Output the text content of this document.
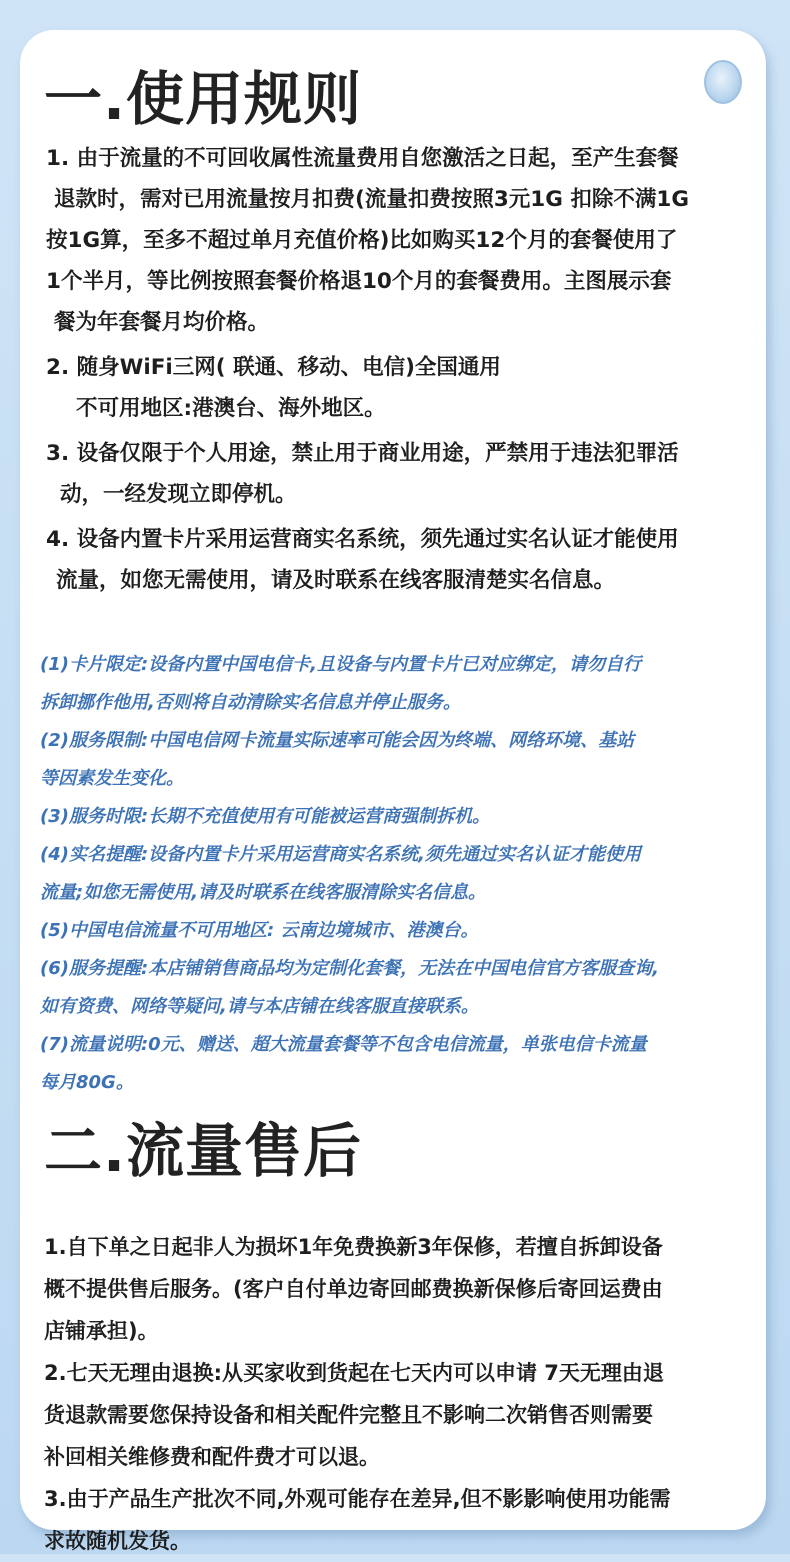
一.使用规则
1. 由于流量的不可回收属性流量费用自您激活之日起，至产生套餐
退款时，需对已用流量按月扣费(流量扣费按照3元1G 扣除不满1G
按1G算，至多不超过单月充值价格)比如购买12个月的套餐使用了
1个半月，等比例按照套餐价格退10个月的套餐费用。主图展示套
餐为年套餐月均价格。
2. 随身WiFi三网( 联通、移动、电信)全国通用
不可用地区:港澳台、海外地区。
3. 设备仅限于个人用途，禁止用于商业用途，严禁用于违法犯罪活
动，一经发现立即停机。
4. 设备内置卡片采用运营商实名系统，须先通过实名认证才能使用
流量，如您无需使用，请及时联系在线客服清楚实名信息。
(1)卡片限定:设备内置中国电信卡,且设备与内置卡片已对应绑定，请勿自行
拆卸挪作他用,否则将自动清除实名信息并停止服务。
(2)服务限制:中国电信网卡流量实际速率可能会因为终端、网络环境、基站
等因素发生变化。
(3)服务时限:长期不充值使用有可能被运营商强制拆机。
(4)实名提醒:设备内置卡片采用运营商实名系统,须先通过实名认证才能使用
流量;如您无需使用,请及时联系在线客服清除实名信息。
(5)中国电信流量不可用地区: 云南边境城市、港澳台。
(6)服务提醒:本店铺销售商品均为定制化套餐，无法在中国电信官方客服查询,
如有资费、网络等疑问,请与本店铺在线客服直接联系。
(7)流量说明:0元、赠送、超大流量套餐等不包含电信流量，单张电信卡流量
每月80G。
二.流量售后
1.自下单之日起非人为损坏1年免费换新3年保修，若擅自拆卸设备
概不提供售后服务。(客户自付单边寄回邮费换新保修后寄回运费由
店铺承担)。
2.七天无理由退换:从买家收到货起在七天内可以申请 7天无理由退
货退款需要您保持设备和相关配件完整且不影响二次销售否则需要
补回相关维修费和配件费才可以退。
3.由于产品生产批次不同,外观可能存在差异,但不影影响使用功能需
求故随机发货。
